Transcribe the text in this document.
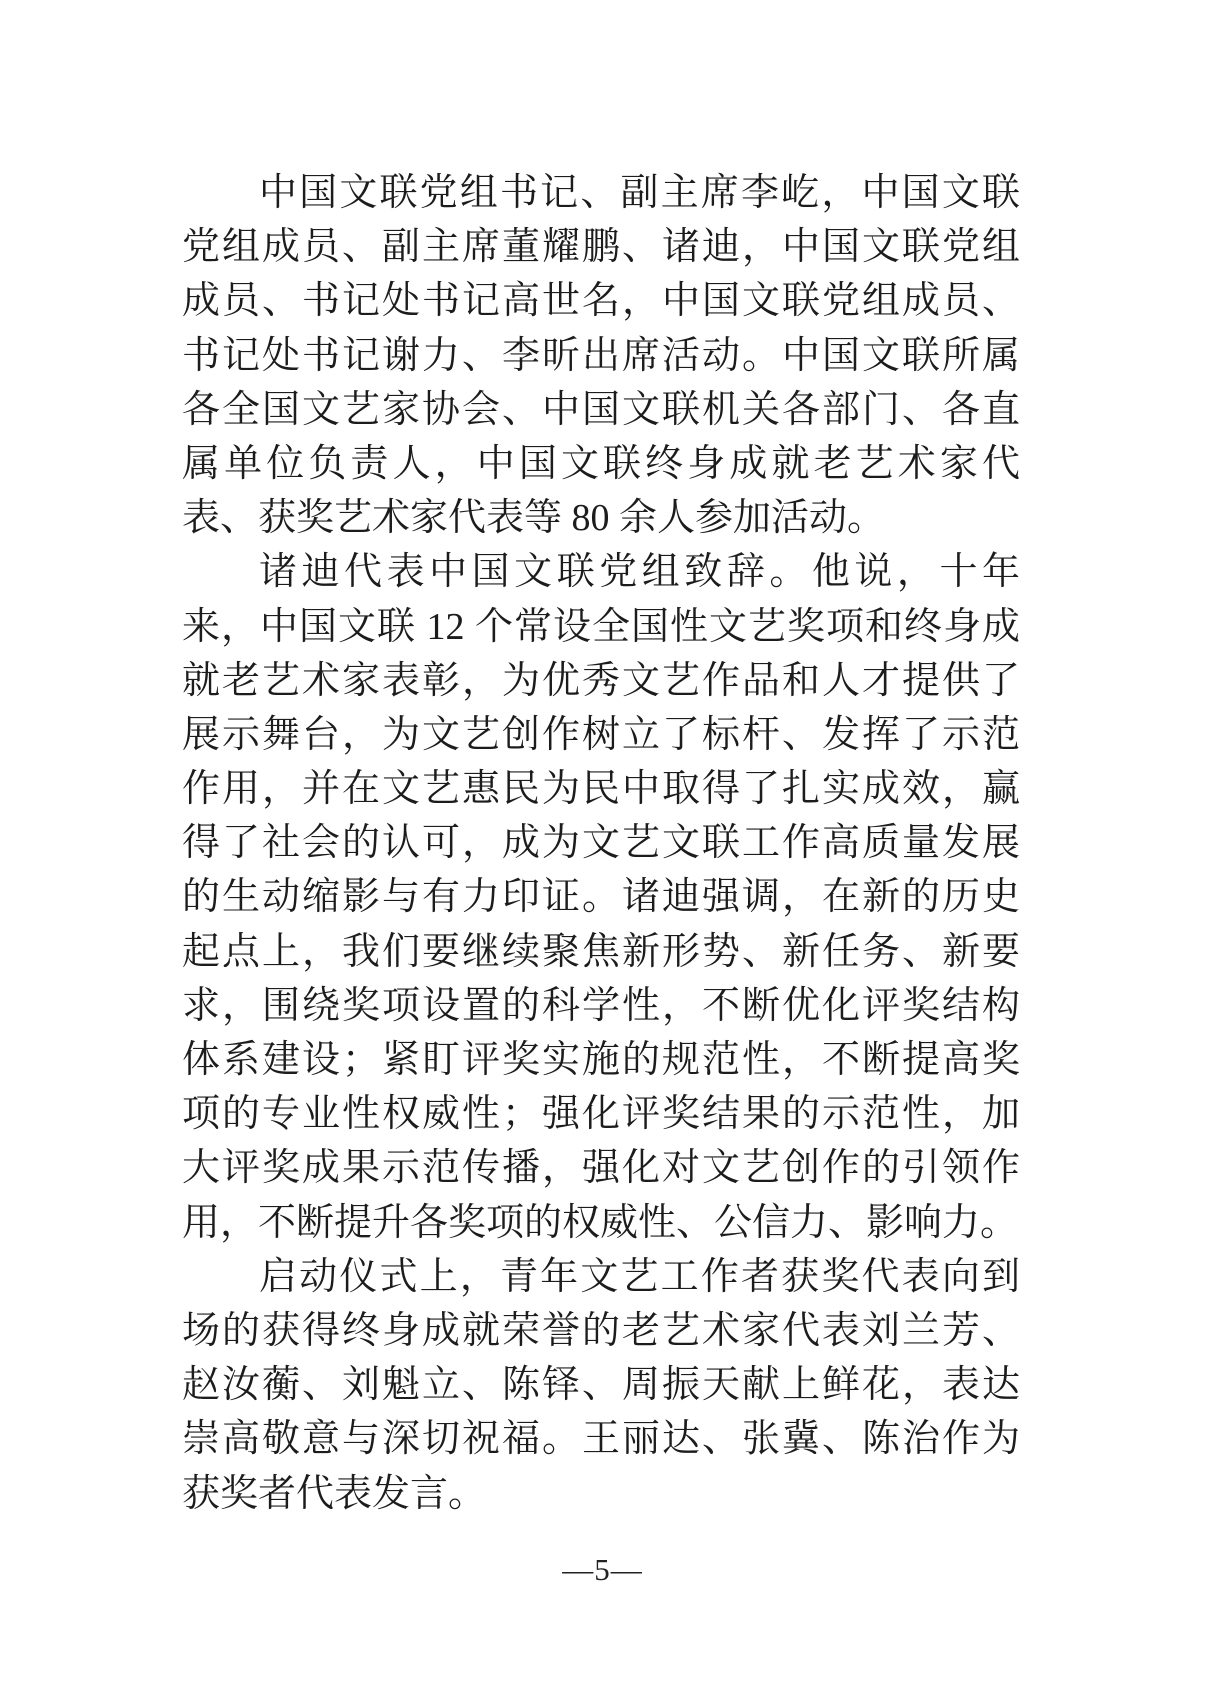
中国文联党组书记、副主席李屹，中国文联
党组成员、副主席董耀鹏、诸迪，中国文联党组
成员、书记处书记高世名，中国文联党组成员、
书记处书记谢力、李昕出席活动。中国文联所属
各全国文艺家协会、中国文联机关各部门、各直
属单位负责人，中国文联终身成就老艺术家代
表、获奖艺术家代表等 80 余人参加活动。
诸迪代表中国文联党组致辞。他说，十年
来，中国文联 12 个常设全国性文艺奖项和终身成
就老艺术家表彰，为优秀文艺作品和人才提供了
展示舞台，为文艺创作树立了标杆、发挥了示范
作用，并在文艺惠民为民中取得了扎实成效，赢
得了社会的认可，成为文艺文联工作高质量发展
的生动缩影与有力印证。诸迪强调，在新的历史
起点上，我们要继续聚焦新形势、新任务、新要
求，围绕奖项设置的科学性，不断优化评奖结构
体系建设；紧盯评奖实施的规范性，不断提高奖
项的专业性权威性；强化评奖结果的示范性，加
大评奖成果示范传播，强化对文艺创作的引领作
用，不断提升各奖项的权威性、公信力、影响力。
启动仪式上，青年文艺工作者获奖代表向到
场的获得终身成就荣誉的老艺术家代表刘兰芳、
赵汝蘅、刘魁立、陈铎、周振天献上鲜花，表达
崇高敬意与深切祝福。王丽达、张冀、陈治作为
获奖者代表发言。
—5—
